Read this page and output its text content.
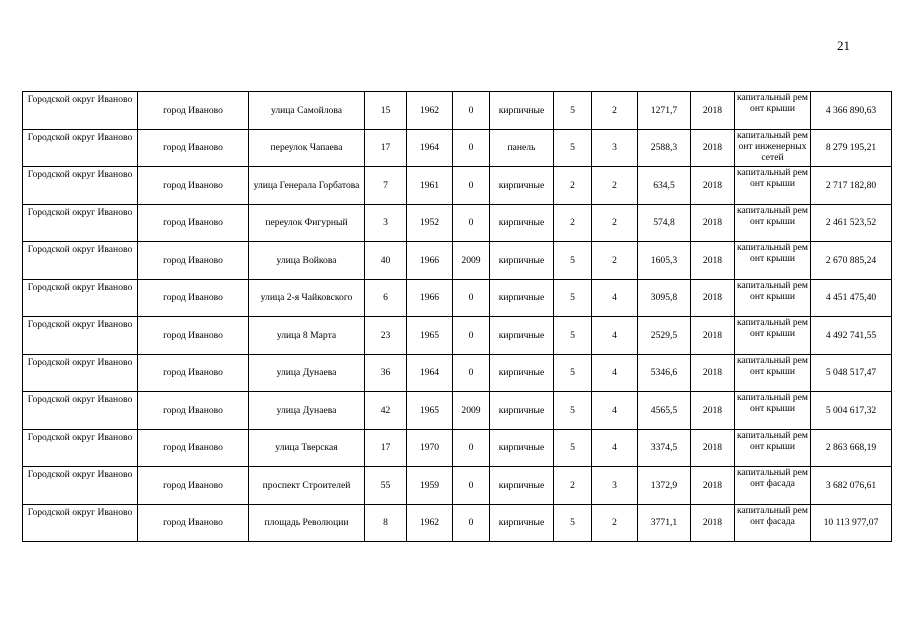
21
Городской округ Иваново	город Иваново	улица Самойлова	15	1962	0	кирпичные	5	2	1271,7	2018	капитальный ремонт крыши	4 366 890,63
Городской округ Иваново	город Иваново	переулок Чапаева	17	1964	0	панель	5	3	2588,3	2018	капитальный ремонт инженерных сетей	8 279 195,21
Городской округ Иваново	город Иваново	улица Генерала Горбатова	7	1961	0	кирпичные	2	2	634,5	2018	капитальный ремонт крыши	2 717 182,80
Городской округ Иваново	город Иваново	переулок Фигурный	3	1952	0	кирпичные	2	2	574,8	2018	капитальный ремонт крыши	2 461 523,52
Городской округ Иваново	город Иваново	улица Войкова	40	1966	2009	кирпичные	5	2	1605,3	2018	капитальный ремонт крыши	2 670 885,24
Городской округ Иваново	город Иваново	улица 2-я Чайковского	6	1966	0	кирпичные	5	4	3095,8	2018	капитальный ремонт крыши	4 451 475,40
Городской округ Иваново	город Иваново	улица 8 Марта	23	1965	0	кирпичные	5	4	2529,5	2018	капитальный ремонт крыши	4 492 741,55
Городской округ Иваново	город Иваново	улица Дунаева	36	1964	0	кирпичные	5	4	5346,6	2018	капитальный ремонт крыши	5 048 517,47
Городской округ Иваново	город Иваново	улица Дунаева	42	1965	2009	кирпичные	5	4	4565,5	2018	капитальный ремонт крыши	5 004 617,32
Городской округ Иваново	город Иваново	улица Тверская	17	1970	0	кирпичные	5	4	3374,5	2018	капитальный ремонт крыши	2 863 668,19
Городской округ Иваново	город Иваново	проспект Строителей	55	1959	0	кирпичные	2	3	1372,9	2018	капитальный ремонт фасада	3 682 076,61
Городской округ Иваново	город Иваново	площадь Революции	8	1962	0	кирпичные	5	2	3771,1	2018	капитальный ремонт фасада	10 113 977,07
